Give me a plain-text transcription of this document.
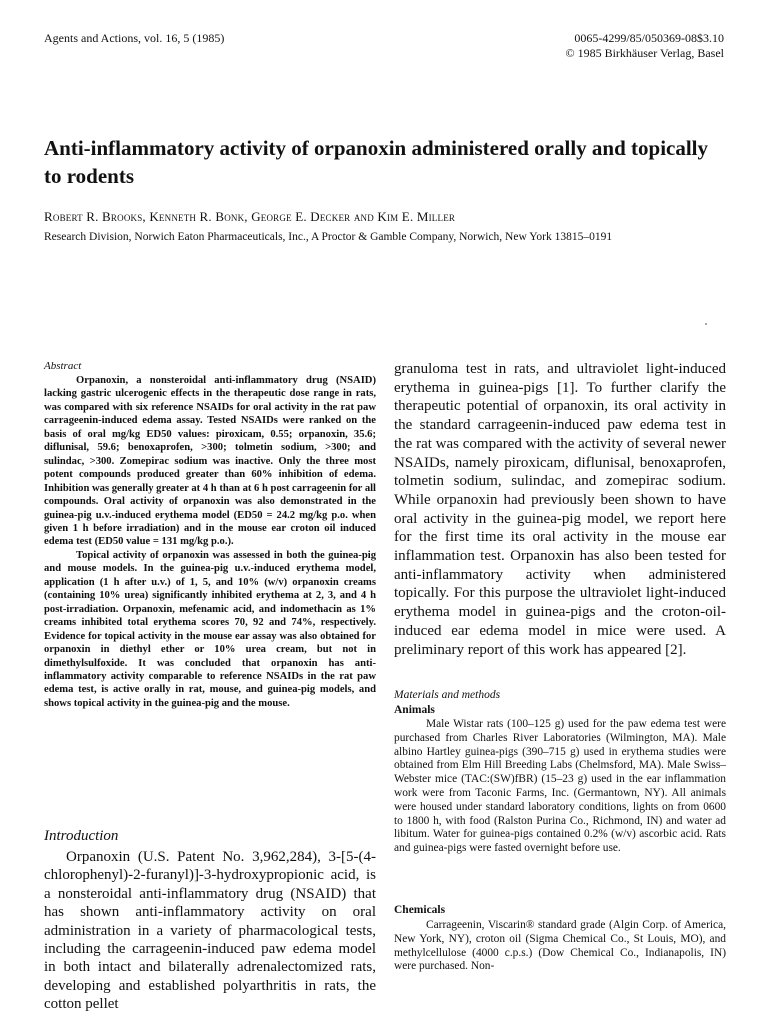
Agents and Actions, vol. 16, 5 (1985)	0065-4299/85/050369-08$3.10
© 1985 Birkhäuser Verlag, Basel
Anti-inflammatory activity of orpanoxin administered orally and topically to rodents
Robert R. Brooks, Kenneth R. Bonk, George E. Decker and Kim E. Miller
Research Division, Norwich Eaton Pharmaceuticals, Inc., A Proctor & Gamble Company, Norwich, New York 13815–0191
Abstract

Orpanoxin, a nonsteroidal anti-inflammatory drug (NSAID) lacking gastric ulcerogenic effects in the therapeutic dose range in rats, was compared with six reference NSAIDs for oral activity in the rat paw carrageenin-induced edema assay. Tested NSAIDs were ranked on the basis of oral mg/kg ED50 values: piroxicam, 0.55; orpanoxin, 35.6; diflunisal, 59.6; benoxaprofen, >300; tolmetin sodium, >300; and sulindac, >300. Zomepirac sodium was inactive. Only the three most potent compounds produced greater than 60% inhibition of edema. Inhibition was generally greater at 4 h than at 6 h post carrageenin for all compounds. Oral activity of orpanoxin was also demonstrated in the guinea-pig u.v.-induced erythema model (ED50 = 24.2 mg/kg p.o. when given 1 h before irradiation) and in the mouse ear croton oil induced edema test (ED50 value = 131 mg/kg p.o.).

Topical activity of orpanoxin was assessed in both the guinea-pig and mouse models. In the guinea-pig u.v.-induced erythema model, application (1 h after u.v.) of 1, 5, and 10% (w/v) orpanoxin creams (containing 10% urea) significantly inhibited erythema at 2, 3, and 4 h post-irradiation. Orpanoxin, mefenamic acid, and indomethacin as 1% creams inhibited total erythema scores 70, 92 and 74%, respectively. Evidence for topical activity in the mouse ear assay was also obtained for orpanoxin in diethyl ether or 10% urea cream, but not in dimethylsulfoxide. It was concluded that orpanoxin has anti-inflammatory activity comparable to reference NSAIDs in the rat paw edema test, is active orally in rat, mouse, and guinea-pig models, and shows topical activity in the guinea-pig and the mouse.

Introduction

Orpanoxin (U.S. Patent No. 3,962,284), 3-[5-(4-chlorophenyl)-2-furanyl)]-3-hydroxypropionic acid, is a nonsteroidal anti-inflammatory drug (NSAID) that has shown anti-inflammatory activity on oral administration in a variety of pharmacological tests, including the carrageenin-induced paw edema model in both intact and bilaterally adrenalectomized rats, developing and established polyarthritis in rats, the cotton pellet

granuloma test in rats, and ultraviolet light-induced erythema in guinea-pigs [1]. To further clarify the therapeutic potential of orpanoxin, its oral activity in the standard carrageenin-induced paw edema test in the rat was compared with the activity of several newer NSAIDs, namely piroxicam, diflunisal, benoxaprofen, tolmetin sodium, sulindac, and zomepirac sodium. While orpanoxin had previously been shown to have oral activity in the guinea-pig model, we report here for the first time its oral activity in the mouse ear inflammation test. Orpanoxin has also been tested for anti-inflammatory activity when administered topically. For this purpose the ultraviolet light-induced erythema model in guinea-pigs and the croton-oil-induced ear edema model in mice were used. A preliminary report of this work has appeared [2].

Materials and methods
Animals

Male Wistar rats (100–125 g) used for the paw edema test were purchased from Charles River Laboratories (Wilmington, MA). Male albino Hartley guinea-pigs (390–715 g) used in erythema studies were obtained from Elm Hill Breeding Labs (Chelmsford, MA). Male Swiss–Webster mice (TAC:(SW)fBR) (15–23 g) used in the ear inflammation work were from Taconic Farms, Inc. (Germantown, NY). All animals were housed under standard laboratory conditions, lights on from 0600 to 1800 h, with food (Ralston Purina Co., Richmond, IN) and water ad libitum. Water for guinea-pigs contained 0.2% (w/v) ascorbic acid. Rats and guinea-pigs were fasted overnight before use.

Chemicals

Carrageenin, Viscarin® standard grade (Algin Corp. of America, New York, NY), croton oil (Sigma Chemical Co., St Louis, MO), and methylcellulose (4000 c.p.s.) (Dow Chemical Co., Indianapolis, IN) were purchased. Non-
